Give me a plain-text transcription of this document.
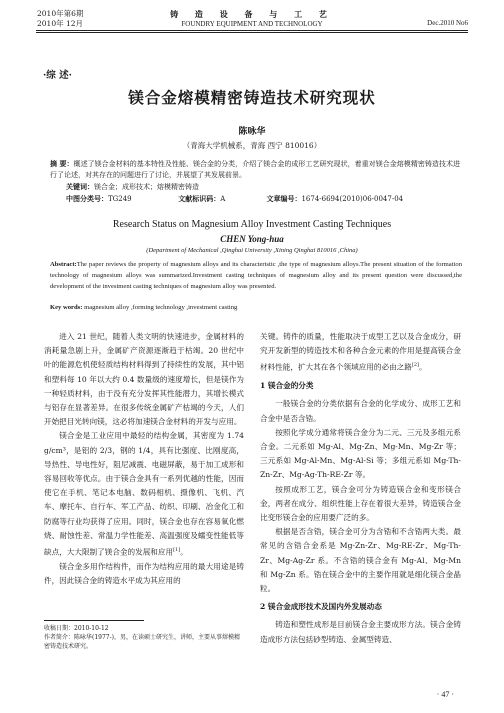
2010年第6期
2010年 12月
铸 造 设 备 与 工 艺
FOUNDRY EQUIPMENT AND TECHNOLOGY	Dec.2010 No6
·综 述·
镁合金熔模精密铸造技术研究现状
陈咏华
（青海大学机械系，青海 西宁 810016）
摘 要：概述了镁合金材料的基本特性及性能、镁合金的分类，介绍了镁合金的成形工艺研究现状，着重对镁合金熔模精密铸造技术进行了论述，对其存在的问题进行了讨论，并展望了其发展前景。
关键词：镁合金；成形技术；熔模精密铸造
中图分类号：TG249	文献标识码：A	文章编号：1674-6694(2010)06-0047-04
Research Status on Magnesium Alloy Investment Casting Techniques
CHEN Yong-hua
(Department of Mechanical ,Qinghai University ,Xining Qinghai 810016 ,China)
Abstract:The paper reviews the property of magnesium alloys and its characteristic ,the type of magnesium alloys.The present situation of the formation technology of magnesium alloys was summarized.Investment casting techniques of magnesium alloy and its present question were discussed,the development of the investment casting techniques of magnesium alloy was presented.
Key words: magnesium alloy ,forming technology ,investment casting

进入 21 世纪，随着人类文明的快速进步，金属材料的消耗量急剧上升，金属矿产资源逐渐趋于枯竭。20 世纪中叶的能源危机使轻质结构材料得到了持续性的发展，其中铝和塑料每 10 年以大约 0.4 数量级的速度增长，但是镁作为一种轻质材料，由于没有充分发挥其性能潜力，其增长模式与铝存在显著差异。在很多传统金属矿产枯竭的今天，人们开始把目光转向镁，这必将加速镁合金材料的开发与应用。

镁合金是工业应用中最轻的结构金属，其密度为 1.74 g/cm³，是铝的 2/3，钢的 1/4，具有比强度、比刚度高，导热性、导电性好，阻尼减震、电磁屏蔽，易于加工成形和容易回收等优点。由于镁合金具有一系列优越的性能，因而使它在手机、笔记本电脑、数码相机、摄像机、飞机、汽车、摩托车、自行车、军工产品、纺织、印刷、冶金化工和防腐等行业均获得了应用。同时，镁合金也存在容易氧化燃烧、耐蚀性差、常温力学性能差、高温强度及蠕变性能低等缺点，大大限制了镁合金的发展和应用[1]。

镁合金多用作结构件，而作为结构应用的最大用途是铸件，因此镁合金的铸造水平成为其应用的

关键。铸件的质量，性能取决于成型工艺以及合金成分，研究开发新型的铸造技术和各种合金元素的作用是提高镁合金材料性能，扩大其在各个领域应用的必由之路[2]。

1 镁合金的分类

一般镁合金的分类依据有合金的化学成分、成形工艺和合金中是否含锆。

按照化学成分通常将镁合金分为二元、三元及多组元系合金。二元系如 Mg-Al、Mg-Zn、Mg-Mn、Mg-Zr 等；三元系如 Mg-Al-Mn、Mg-Al-Si 等；多组元系如 Mg-Th-Zn-Zr、Mg-Ag-Th-RE-Zr 等。

按照成形工艺，镁合金可分为铸造镁合金和变形镁合金，两者在成分、组织性能上存在着很大差异，铸造镁合金比变形镁合金的应用要广泛的多。

根据是否含锆，镁合金可分为含锆和不含锆两大类。最常见的含锆合金系是 Mg-Zn-Zr、Mg-RE-Zr、Mg-Th-Zr、Mg-Ag-Zr 系。不含锆的镁合金有 Mg-Al、Mg-Mn 和 Mg-Zn 系。锆在镁合金中的主要作用就是细化镁合金晶粒。

2 镁合金成形技术及国内外发展动态

铸造和塑性成形是目前镁合金主要成形方法。镁合金铸造成形方法包括砂型铸造、金属型铸造、

收稿日期：2010-10-12
作者简介：陈咏华(1977-)，男，在读硕士研究生，讲师，主要从事熔模精密铸造技术研究。
· 47 ·
